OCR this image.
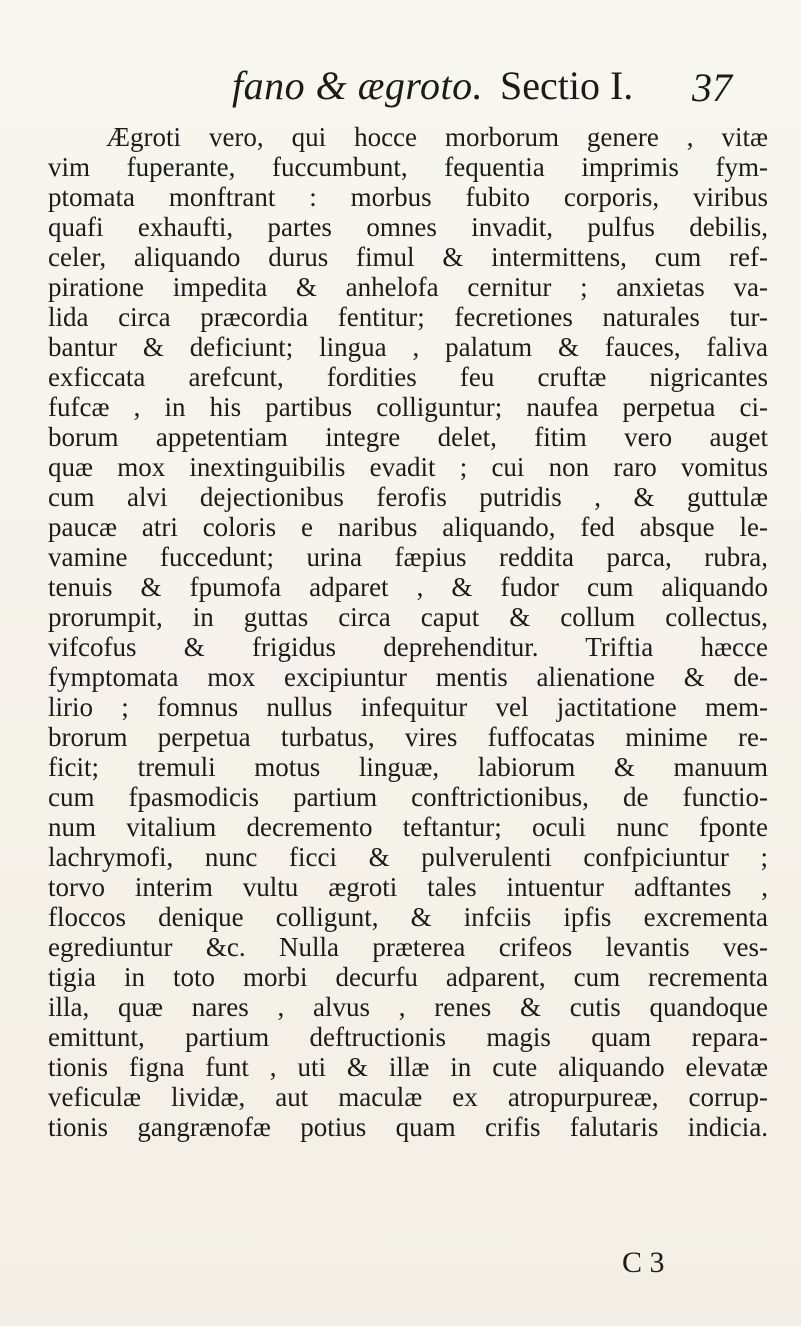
fano & ægroto. Sectio I. 37
Ægroti vero, qui hocce morborum genere , vitæ
vim fuperante, fuccumbunt, fequentia imprimis fym-
ptomata monftrant : morbus fubito corporis, viribus
quafi exhaufti, partes omnes invadit, pulfus debilis,
celer, aliquando durus fimul & intermittens, cum ref-
piratione impedita & anhelofa cernitur ; anxietas va-
lida circa præcordia fentitur; fecretiones naturales tur-
bantur & deficiunt; lingua , palatum & fauces, faliva
exficcata arefcunt, fordities feu cruftæ nigricantes
fufcæ , in his partibus colliguntur; naufea perpetua ci-
borum appetentiam integre delet, fitim vero auget
quæ mox inextinguibilis evadit ; cui non raro vomitus
cum alvi dejectionibus ferofis putridis , & guttulæ
paucæ atri coloris e naribus aliquando, fed absque le-
vamine fuccedunt; urina fæpius reddita parca, rubra,
tenuis & fpumofa adparet , & fudor cum aliquando
prorumpit, in guttas circa caput & collum collectus,
vifcofus & frigidus deprehenditur. Triftia hæcce
fymptomata mox excipiuntur mentis alienatione & de-
lirio ; fomnus nullus infequitur vel jactitatione mem-
brorum perpetua turbatus, vires fuffocatas minime re-
ficit; tremuli motus linguæ, labiorum & manuum
cum fpasmodicis partium conftrictionibus, de functio-
num vitalium decremento teftantur; oculi nunc fponte
lachrymofi, nunc ficci & pulverulenti confpiciuntur ;
torvo interim vultu ægroti tales intuentur adftantes ,
floccos denique colligunt, & infciis ipfis excrementa
egrediuntur &c. Nulla præterea crifeos levantis ves-
tigia in toto morbi decurfu adparent, cum recrementa
illa, quæ nares , alvus , renes & cutis quandoque
emittunt, partium deftructionis magis quam repara-
tionis figna funt , uti & illæ in cute aliquando elevatæ
veficulæ lividæ, aut maculæ ex atropurpureæ, corrup-
tionis gangrænofæ potius quam crifis falutaris indicia.
C 3
